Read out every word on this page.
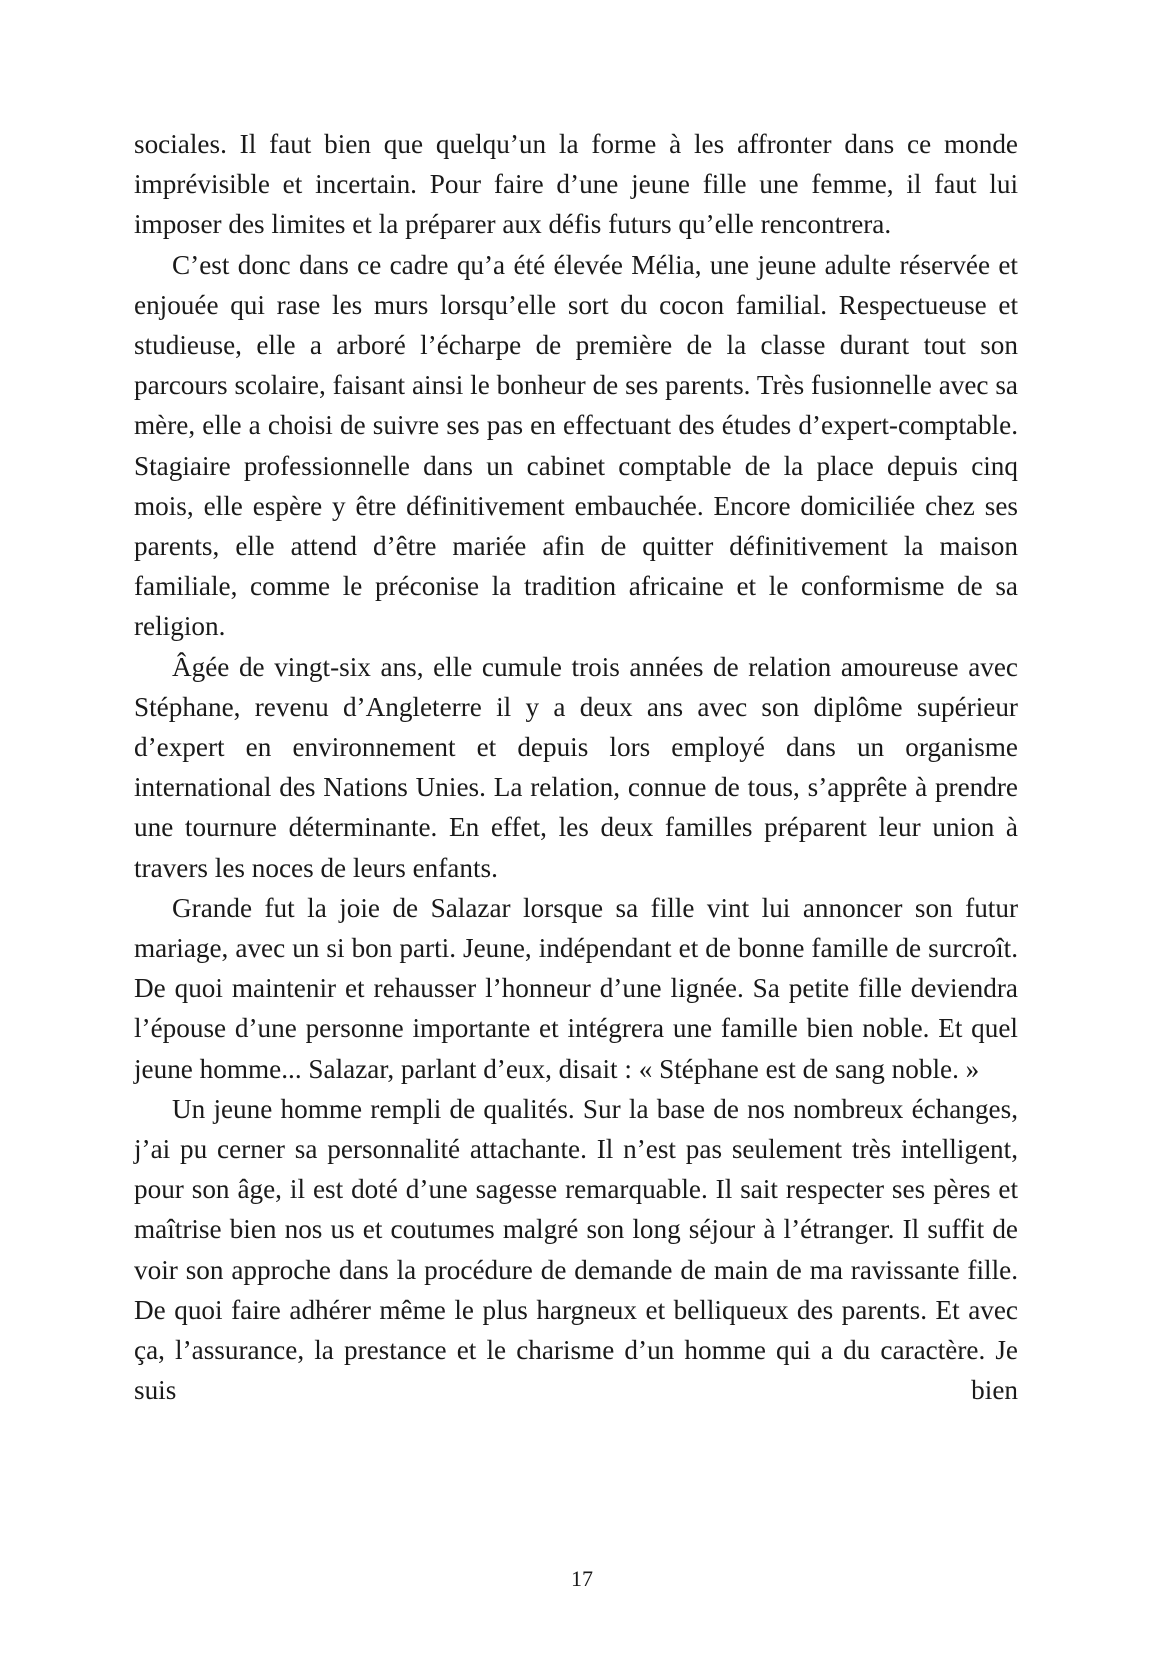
sociales. Il faut bien que quelqu’un la forme à les affronter dans ce monde imprévisible et incertain. Pour faire d’une jeune fille une femme, il faut lui imposer des limites et la préparer aux défis futurs qu’elle rencontrera.

C’est donc dans ce cadre qu’a été élevée Mélia, une jeune adulte réservée et enjouée qui rase les murs lorsqu’elle sort du cocon familial. Respectueuse et studieuse, elle a arboré l’écharpe de première de la classe durant tout son parcours scolaire, faisant ainsi le bonheur de ses parents. Très fusionnelle avec sa mère, elle a choisi de suivre ses pas en effectuant des études d’expert-comptable. Stagiaire professionnelle dans un cabinet comptable de la place depuis cinq mois, elle espère y être définitivement embauchée. Encore domiciliée chez ses parents, elle attend d’être mariée afin de quitter définitivement la maison familiale, comme le préconise la tradition africaine et le conformisme de sa religion.

Âgée de vingt-six ans, elle cumule trois années de relation amoureuse avec Stéphane, revenu d’Angleterre il y a deux ans avec son diplôme supérieur d’expert en environnement et depuis lors employé dans un organisme international des Nations Unies. La relation, connue de tous, s’apprête à prendre une tournure déterminante. En effet, les deux familles préparent leur union à travers les noces de leurs enfants.

Grande fut la joie de Salazar lorsque sa fille vint lui annoncer son futur mariage, avec un si bon parti. Jeune, indépendant et de bonne famille de surcroît. De quoi maintenir et rehausser l’honneur d’une lignée. Sa petite fille deviendra l’épouse d’une personne importante et intégrera une famille bien noble. Et quel jeune homme... Salazar, parlant d’eux, disait : « Stéphane est de sang noble. »

Un jeune homme rempli de qualités. Sur la base de nos nombreux échanges, j’ai pu cerner sa personnalité attachante. Il n’est pas seulement très intelligent, pour son âge, il est doté d’une sagesse remarquable. Il sait respecter ses pères et maîtrise bien nos us et coutumes malgré son long séjour à l’étranger. Il suffit de voir son approche dans la procédure de demande de main de ma ravissante fille. De quoi faire adhérer même le plus hargneux et belliqueux des parents. Et avec ça, l’assurance, la prestance et le charisme d’un homme qui a du caractère. Je suis bien

17
